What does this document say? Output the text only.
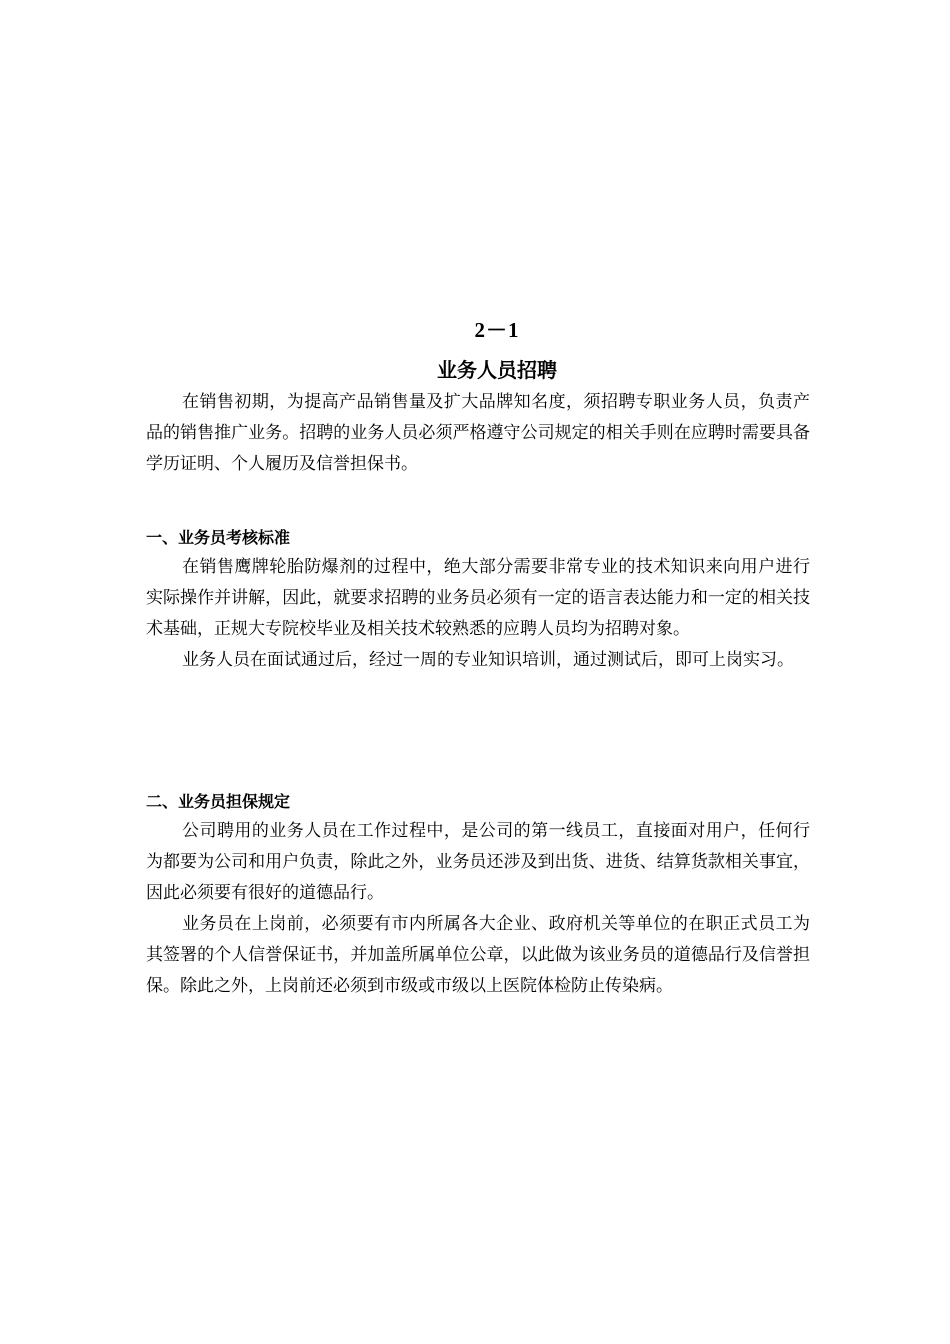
2－1
业务人员招聘

在销售初期，为提高产品销售量及扩大品牌知名度，须招聘专职业务人员，负责产品的销售推广业务。招聘的业务人员必须严格遵守公司规定的相关手则在应聘时需要具备学历证明、个人履历及信誉担保书。

一、业务员考核标准

在销售鹰牌轮胎防爆剂的过程中，绝大部分需要非常专业的技术知识来向用户进行实际操作并讲解，因此，就要求招聘的业务员必须有一定的语言表达能力和一定的相关技术基础，正规大专院校毕业及相关技术较熟悉的应聘人员均为招聘对象。

业务人员在面试通过后，经过一周的专业知识培训，通过测试后，即可上岗实习。

二、业务员担保规定

公司聘用的业务人员在工作过程中，是公司的第一线员工，直接面对用户，任何行为都要为公司和用户负责，除此之外，业务员还涉及到出货、进货、结算货款相关事宜，因此必须要有很好的道德品行。

业务员在上岗前，必须要有市内所属各大企业、政府机关等单位的在职正式员工为其签署的个人信誉保证书，并加盖所属单位公章，以此做为该业务员的道德品行及信誉担保。除此之外，上岗前还必须到市级或市级以上医院体检防止传染病。
